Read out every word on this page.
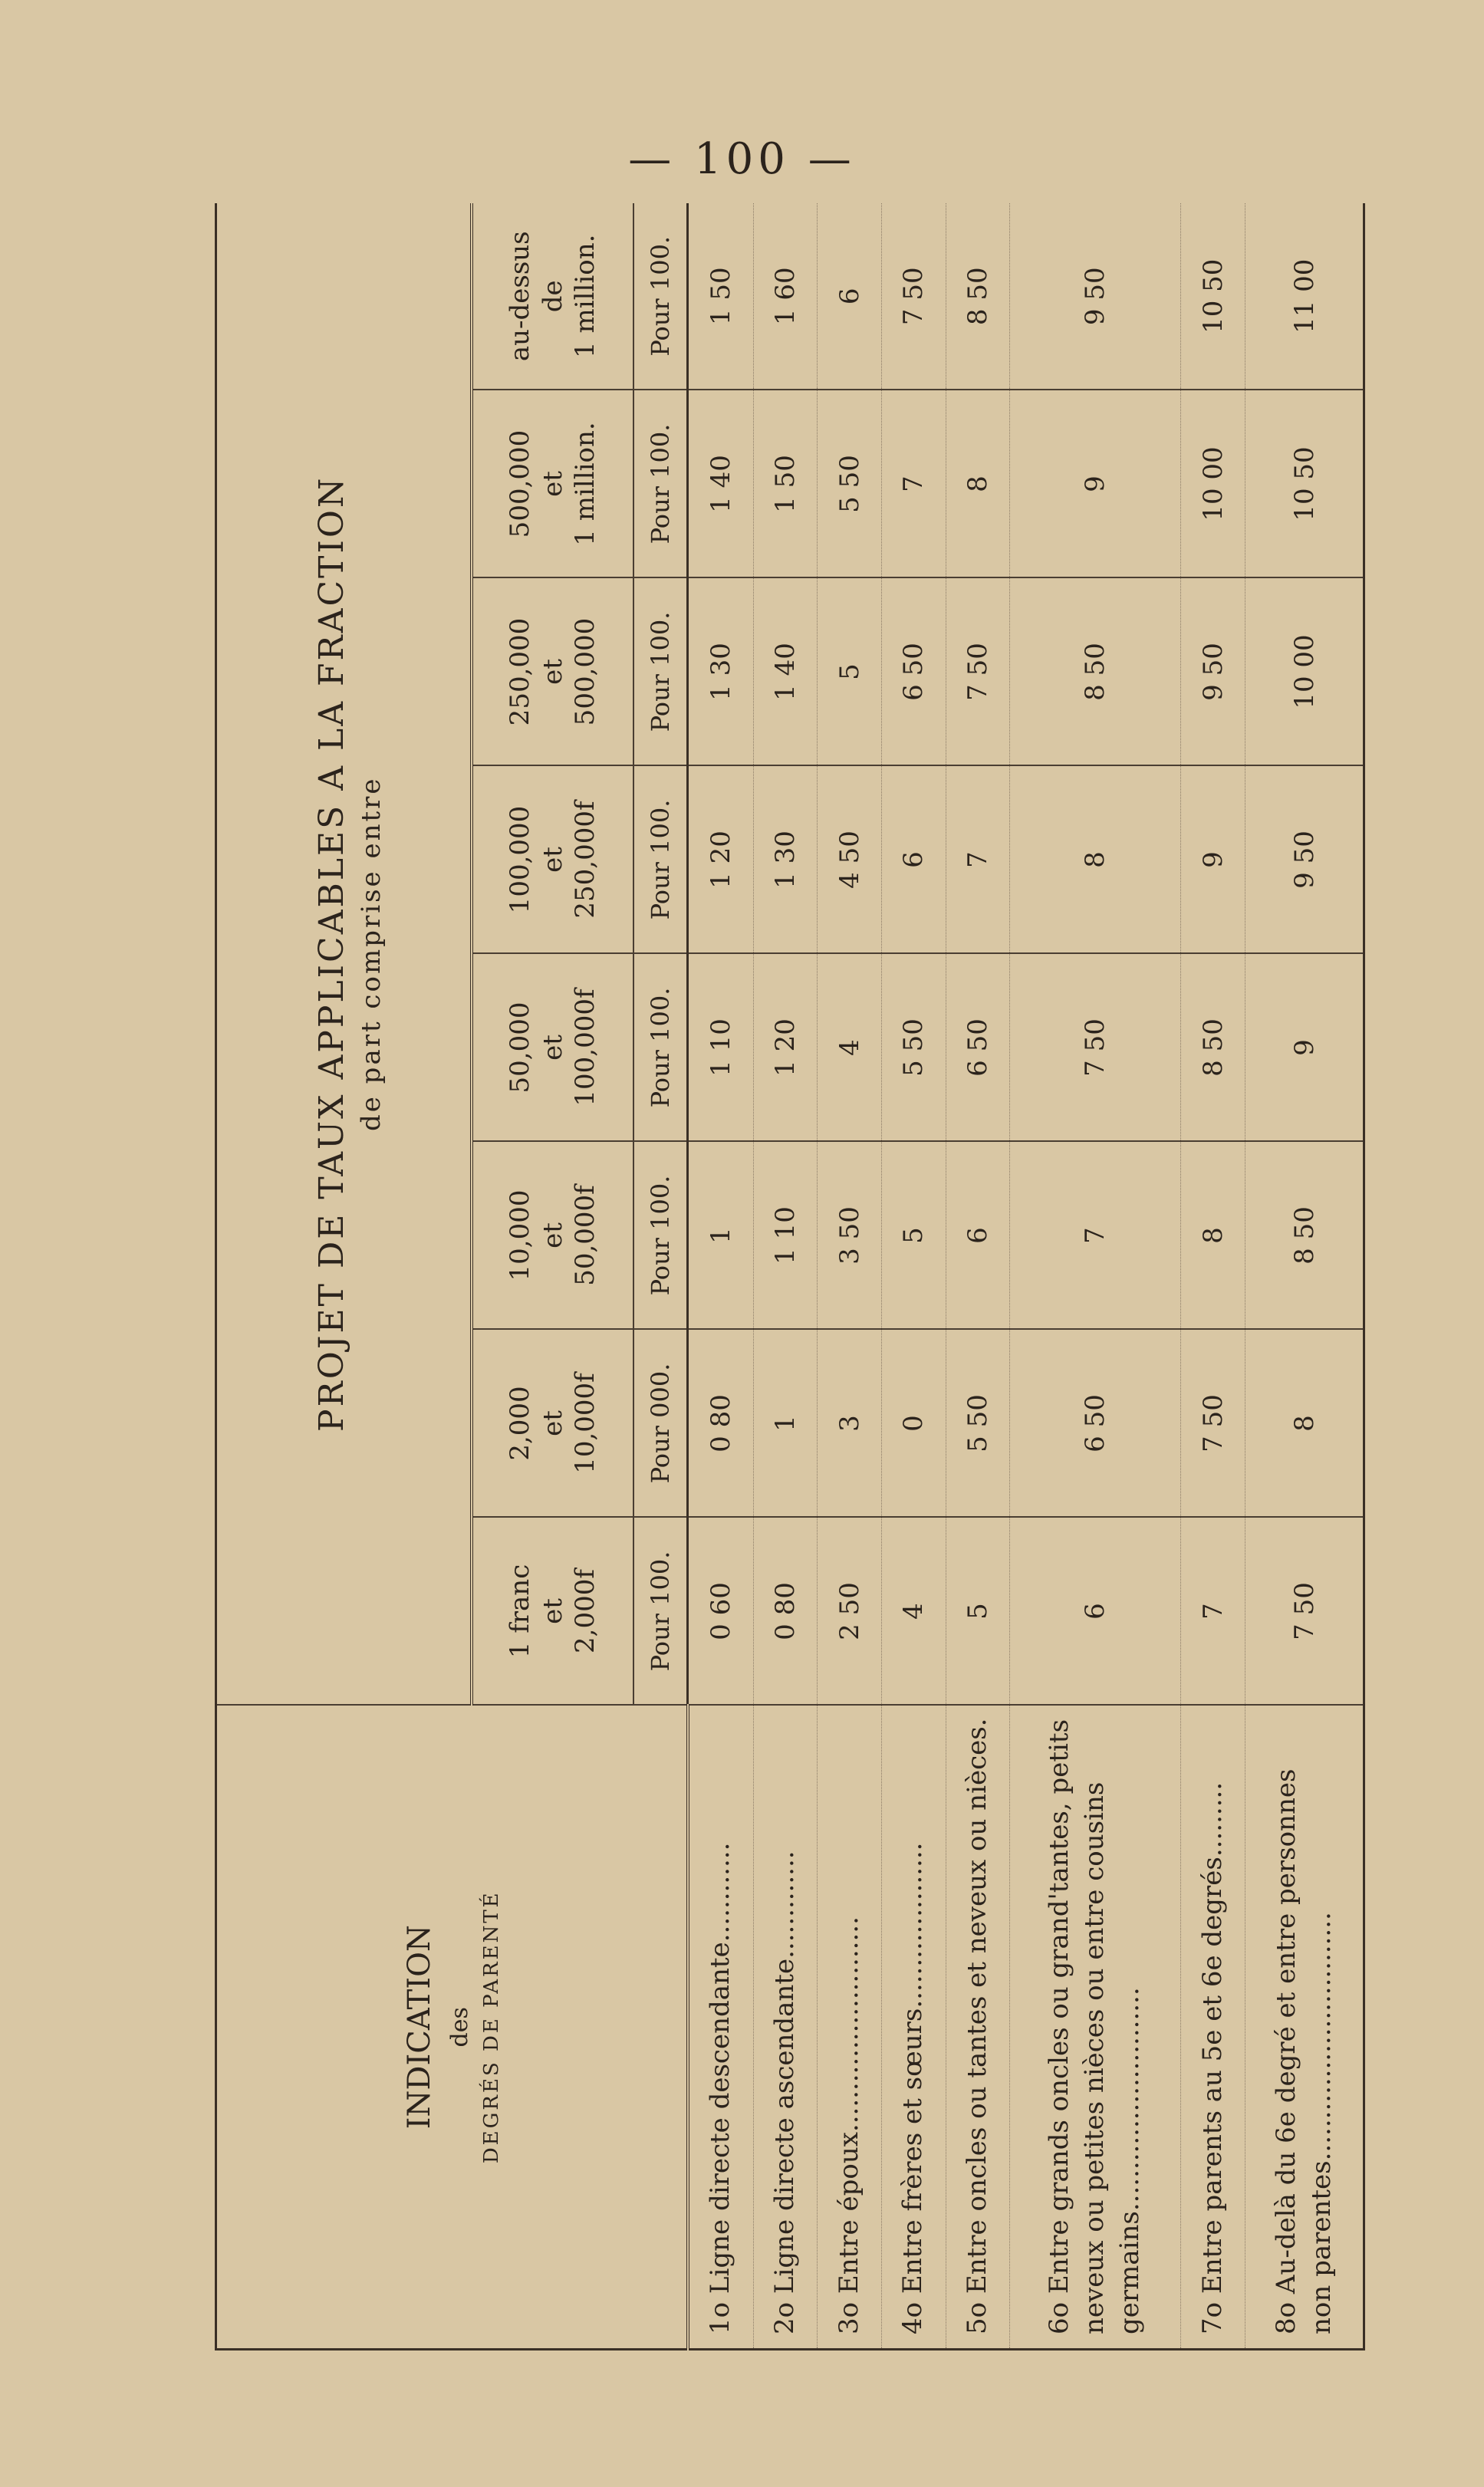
— 100 —
INDICATION des DEGRÉS DE PARENTÉ	PROJET DE TAUX APPLICABLES A LA FRACTION de part comprise entre							

	1 franc
et
2,000f	2,000
et
10,000f	10,000
et
50,000f	50,000
et
100,000f	100,000
et
250,000f	250,000
et
500,000	500,000
et
1 million.	au-dessus
de
1 million.
	Pour 100.	Pour 000.	Pour 100.	Pour 100.	Pour 100.	Pour 100.	Pour 100.	Pour 100.
1o Ligne directe descendante............	0 60	0 80	1	1 10	1 20	1 30	1 40	1 50
2o Ligne directe ascendante.............	0 80	1	1 10	1 20	1 30	1 40	1 50	1 60
3o Entre époux..........................	2 50	3	3 50	4	4 50	5	5 50	6
4o Entre frères et sœurs....................	4	0	5	5 50	6	6 50	7	7 50
5o Entre oncles ou tantes et neveux ou nièces.	5	5 50	6	6 50	7	7 50	8	8 50
6o Entre grands oncles ou grand'tantes, petits neveux ou petites nièces ou entre cousins germains...........................	6	6 50	7	7 50	8	8 50	9	9 50
7o Entre parents au 5e et 6e degrés.........	7	7 50	8	8 50	9	9 50	10 00	10 50
8o Au-delà du 6e degré et entre personnes non parentes..............................	7 50	8	8 50	9	9 50	10 00	10 50	11 00
